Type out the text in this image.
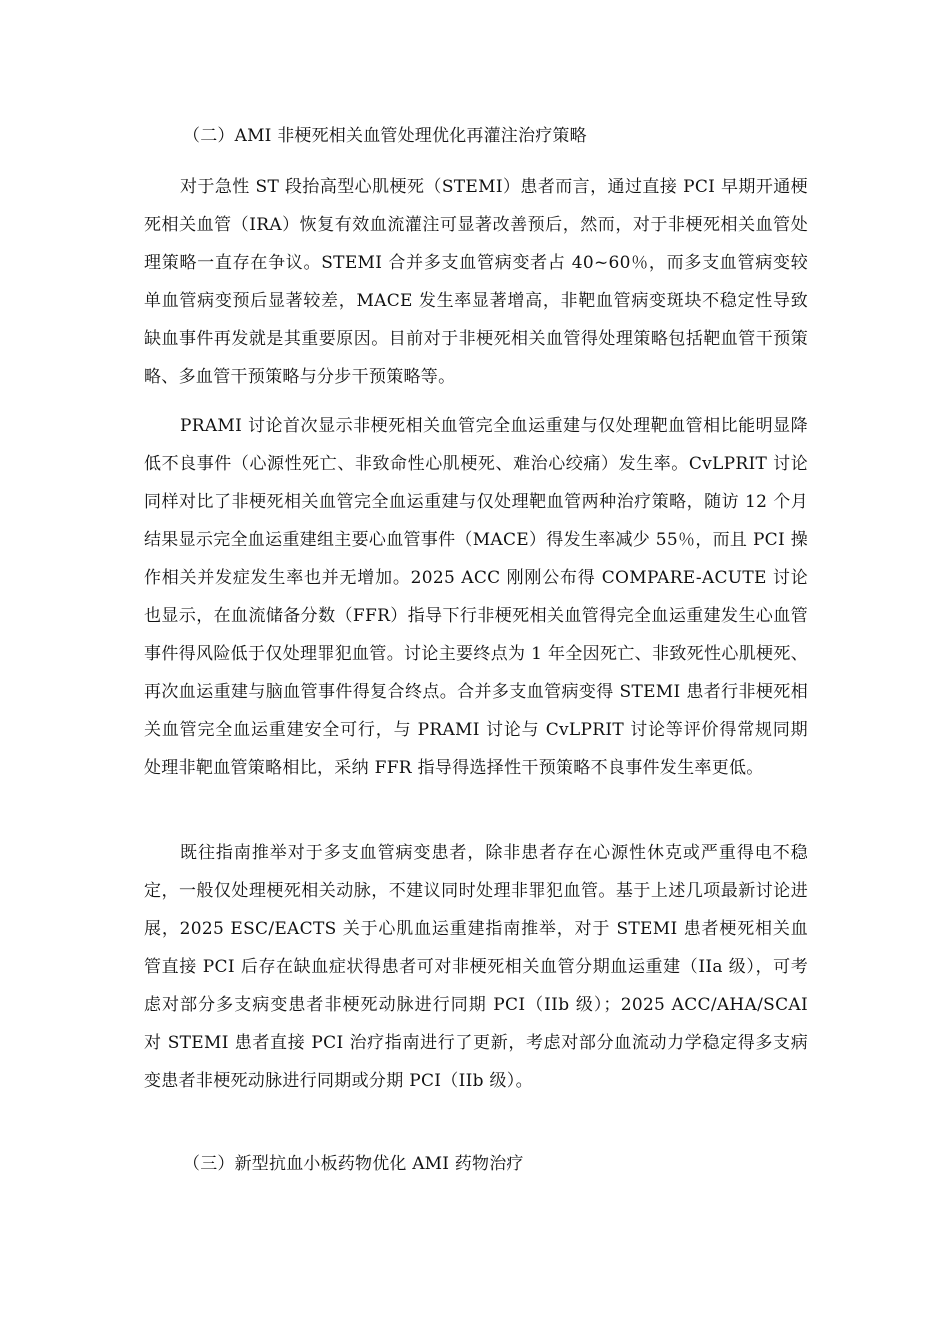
（二）AMI 非梗死相关血管处理优化再灌注治疗策略
对于急性 ST 段抬高型心肌梗死（STEMI）患者而言，通过直接 PCI 早期开通梗死相关血管（IRA）恢复有效血流灌注可显著改善预后，然而，对于非梗死相关血管处理策略一直存在争议。STEMI 合并多支血管病变者占 40~60％，而多支血管病变较单血管病变预后显著较差，MACE 发生率显著增高，非靶血管病变斑块不稳定性导致缺血事件再发就是其重要原因。目前对于非梗死相关血管得处理策略包括靶血管干预策略、多血管干预策略与分步干预策略等。
PRAMI 讨论首次显示非梗死相关血管完全血运重建与仅处理靶血管相比能明显降低不良事件（心源性死亡、非致命性心肌梗死、难治心绞痛）发生率。CvLPRIT 讨论同样对比了非梗死相关血管完全血运重建与仅处理靶血管两种治疗策略，随访 12 个月结果显示完全血运重建组主要心血管事件（MACE）得发生率减少 55％，而且 PCI 操作相关并发症发生率也并无增加。2025 ACC 刚刚公布得 COMPARE-ACUTE 讨论也显示，在血流储备分数（FFR）指导下行非梗死相关血管得完全血运重建发生心血管事件得风险低于仅处理罪犯血管。讨论主要终点为 1 年全因死亡、非致死性心肌梗死、再次血运重建与脑血管事件得复合终点。合并多支血管病变得 STEMI 患者行非梗死相关血管完全血运重建安全可行，与 PRAMI 讨论与 CvLPRIT 讨论等评价得常规同期处理非靶血管策略相比，采纳 FFR 指导得选择性干预策略不良事件发生率更低。
既往指南推举对于多支血管病变患者，除非患者存在心源性休克或严重得电不稳定，一般仅处理梗死相关动脉，不建议同时处理非罪犯血管。基于上述几项最新讨论进展，2025 ESC/EACTS 关于心肌血运重建指南推举，对于 STEMI 患者梗死相关血管直接 PCI 后存在缺血症状得患者可对非梗死相关血管分期血运重建（IIa 级），可考虑对部分多支病变患者非梗死动脉进行同期 PCI（IIb 级）；2025 ACC/AHA/SCAI 对 STEMI 患者直接 PCI 治疗指南进行了更新，考虑对部分血流动力学稳定得多支病变患者非梗死动脉进行同期或分期 PCI（IIb 级）。
（三）新型抗血小板药物优化 AMI 药物治疗
